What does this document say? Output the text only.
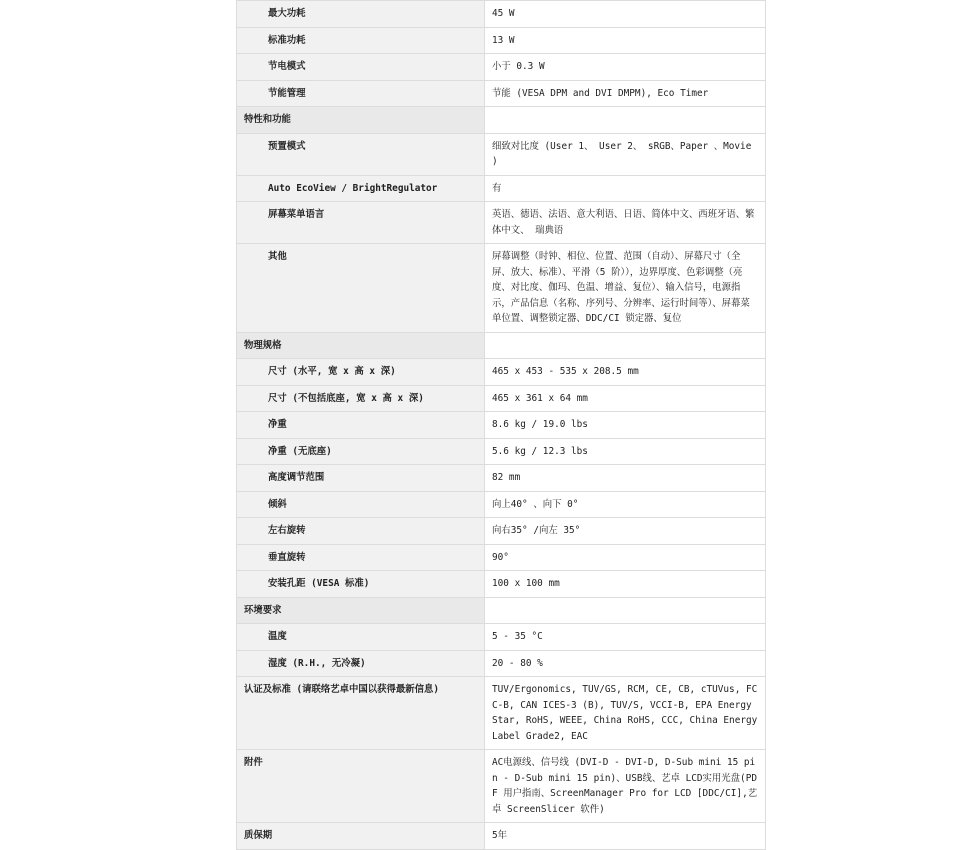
最大功耗	45 W
标准功耗	13 W
节电模式	小于 0.3 W
节能管理	节能 (VESA DPM and DVI DMPM), Eco Timer
特性和功能	
预置模式	细致对比度 (User 1、 User 2、 sRGB、Paper 、Movie )
Auto EcoView / BrightRegulator	有
屏幕菜单语言	英语、德语、法语、意大利语、日语、简体中文、西班牙语、繁体中文、 瑞典语
其他	屏幕调整（时钟、相位、位置、范围（自动）、屏幕尺寸（全屏、放大、标准）、平滑（5 阶）），边界厚度、色彩调整（亮度、对比度、伽玛、色温、增益、复位）、输入信号，电源指示，产品信息（名称、序列号、分辨率、运行时间等）、屏幕菜单位置、调整锁定器、DDC/CI 锁定器、复位
物理规格	
尺寸 (水平, 宽 x 高 x 深)	465 x 453 - 535 x 208.5 mm
尺寸 (不包括底座, 宽 x 高 x 深)	465 x 361 x 64 mm
净重	8.6 kg / 19.0 lbs
净重 (无底座)	5.6 kg / 12.3 lbs
高度调节范围	82 mm
倾斜	向上40° 、向下 0°
左右旋转	向右35° /向左 35°
垂直旋转	90°
安装孔距 (VESA 标准)	100 x 100 mm
环境要求	
温度	5 - 35 °C
湿度 (R.H., 无冷凝)	20 - 80 %
认证及标准 (请联络艺卓中国以获得最新信息)	TUV/Ergonomics, TUV/GS, RCM, CE, CB, cTUVus, FCC-B, CAN ICES-3 (B), TUV/S, VCCI-B, EPA Energy Star, RoHS, WEEE, China RoHS, CCC, China Energy Label Grade2, EAC
附件	AC电源线、信号线 (DVI-D - DVI-D, D-Sub mini 15 pin - D-Sub mini 15 pin)、USB线、艺卓 LCD实用光盘(PDF 用户指南、ScreenManager Pro for LCD [DDC/CI],艺卓 ScreenSlicer 软件)
质保期	5年
